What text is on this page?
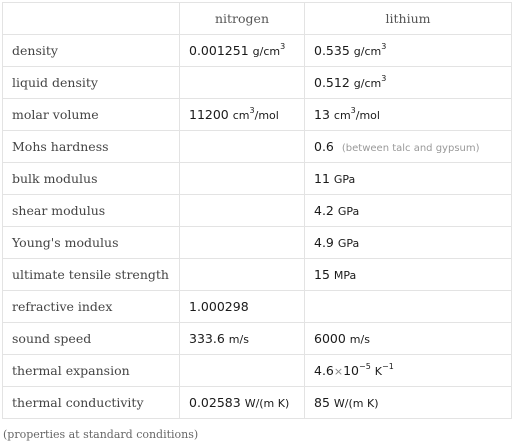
	nitrogen	lithium
density	0.001251 $g/cm^3$	0.535 $g/cm^3$
liquid density		0.512 $g/cm^3$
molar volume	11200 $cm^3$/mol	13 $cm^3$/mol
Mohs hardness		0.6 (between talc and gypsum)
bulk modulus		11 GPa
shear modulus		4.2 GPa
Young's modulus		4.9 GPa
ultimate tensile strength		15 MPa
refractive index	1.000298	
sound speed	333.6 m/s	6000 m/s
thermal expansion		$4.6\times 10^{-5}$ $K^{-1}$
thermal conductivity	0.02583 W/(m K)	85 W/(m K)
(properties at standard conditions)
